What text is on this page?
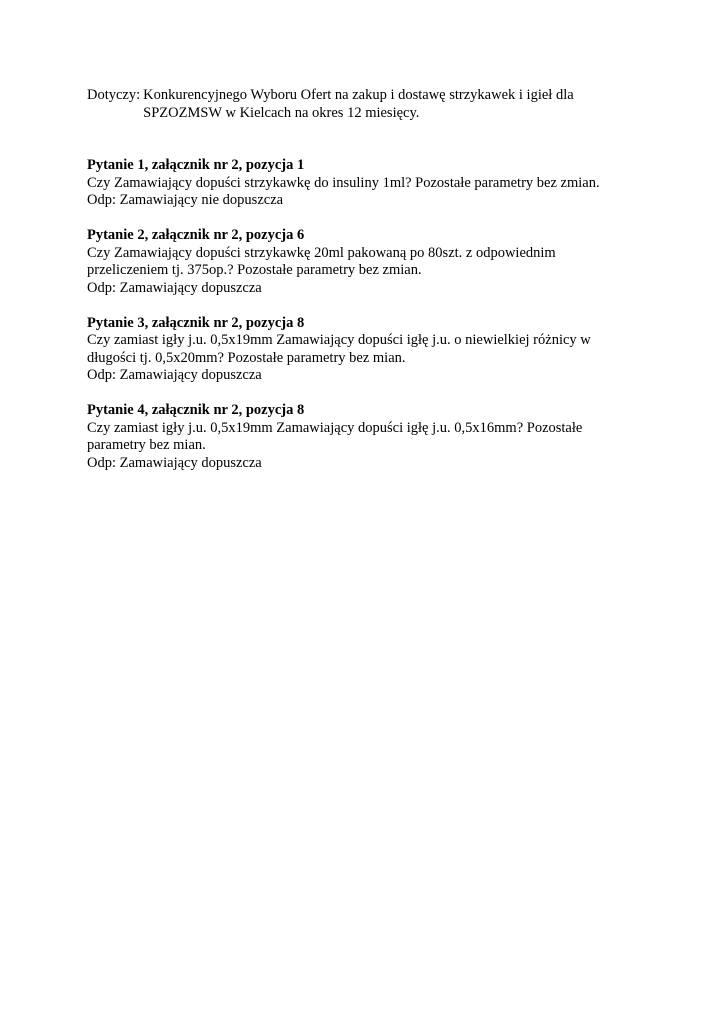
Dotyczy: Konkurencyjnego Wyboru Ofert na zakup i dostawę strzykawek i igieł dla
SPZOZMSW w Kielcach na okres 12 miesięcy.
Pytanie 1, załącznik nr 2, pozycja 1
Czy Zamawiający dopuści strzykawkę do insuliny 1ml? Pozostałe parametry bez zmian.
Odp: Zamawiający nie dopuszcza
Pytanie 2, załącznik nr 2, pozycja 6
Czy Zamawiający dopuści strzykawkę 20ml pakowaną po 80szt. z odpowiednim przeliczeniem tj. 375op.? Pozostałe parametry bez zmian.
Odp: Zamawiający dopuszcza
Pytanie 3, załącznik nr 2, pozycja 8
Czy zamiast igły j.u. 0,5x19mm Zamawiający dopuści igłę j.u. o niewielkiej różnicy w długości tj. 0,5x20mm? Pozostałe parametry bez mian.
Odp: Zamawiający dopuszcza
Pytanie 4, załącznik nr 2, pozycja 8
Czy zamiast igły j.u. 0,5x19mm Zamawiający dopuści igłę j.u. 0,5x16mm? Pozostałe parametry bez mian.
Odp: Zamawiający dopuszcza
